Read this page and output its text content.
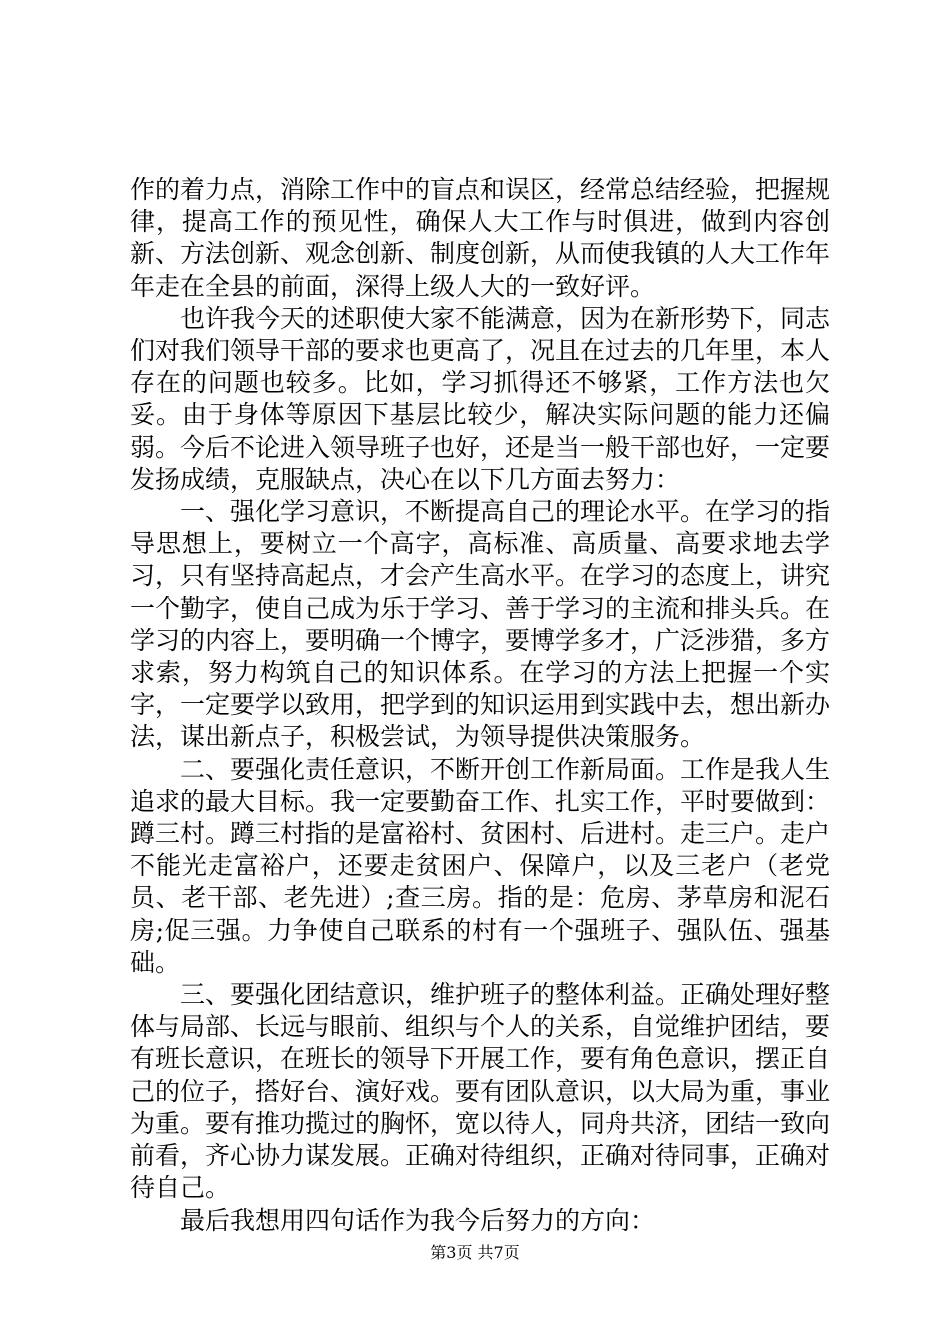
作的着力点，消除工作中的盲点和误区，经常总结经验，把握规律，提高工作的预见性，确保人大工作与时俱进，做到内容创新、方法创新、观念创新、制度创新，从而使我镇的人大工作年年走在全县的前面，深得上级人大的一致好评。

也许我今天的述职使大家不能满意，因为在新形势下，同志们对我们领导干部的要求也更高了，况且在过去的几年里，本人存在的问题也较多。比如，学习抓得还不够紧，工作方法也欠妥。由于身体等原因下基层比较少，解决实际问题的能力还偏弱。今后不论进入领导班子也好，还是当一般干部也好，一定要发扬成绩，克服缺点，决心在以下几方面去努力：

一、强化学习意识，不断提高自己的理论水平。在学习的指导思想上，要树立一个高字，高标准、高质量、高要求地去学习，只有坚持高起点，才会产生高水平。在学习的态度上，讲究一个勤字，使自己成为乐于学习、善于学习的主流和排头兵。在学习的内容上，要明确一个博字，要博学多才，广泛涉猎，多方求索，努力构筑自己的知识体系。在学习的方法上把握一个实字，一定要学以致用，把学到的知识运用到实践中去，想出新办法，谋出新点子，积极尝试，为领导提供决策服务。

二、要强化责任意识，不断开创工作新局面。工作是我人生追求的最大目标。我一定要勤奋工作、扎实工作，平时要做到：蹲三村。蹲三村指的是富裕村、贫困村、后进村。走三户。走户不能光走富裕户，还要走贫困户、保障户，以及三老户（老党员、老干部、老先进）;查三房。指的是：危房、茅草房和泥石房;促三强。力争使自己联系的村有一个强班子、强队伍、强基础。

三、要强化团结意识，维护班子的整体利益。正确处理好整体与局部、长远与眼前、组织与个人的关系，自觉维护团结，要有班长意识，在班长的领导下开展工作，要有角色意识，摆正自己的位子，搭好台、演好戏。要有团队意识，以大局为重，事业为重。要有推功揽过的胸怀，宽以待人，同舟共济，团结一致向前看，齐心协力谋发展。正确对待组织，正确对待同事，正确对待自己。

最后我想用四句话作为我今后努力的方向：

第3页 共7页
